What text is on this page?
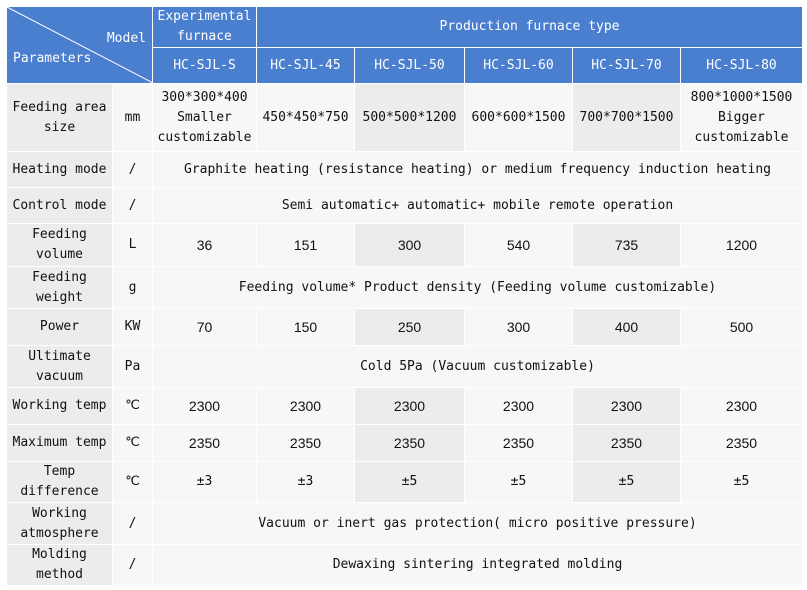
Model
Parameters		Experimental furnace	Production furnace type				
		HC-SJL-S	HC-SJL-45	HC-SJL-50	HC-SJL-60	HC-SJL-70	HC-SJL-80
Feeding area size	mm	300*300*400 Smaller customizable	450*450*750	500*500*1200	600*600*1500	700*700*1500	800*1000*1500 Bigger customizable
Heating mode	/	Graphite heating (resistance heating) or medium frequency induction heating					
Control mode	/	Semi automatic+ automatic+ mobile remote operation					
Feeding volume	L	36	151	300	540	735	1200
Feeding weight	g	Feeding volume* Product density (Feeding volume customizable)					
Power	KW	70	150	250	300	400	500
Ultimate vacuum	Pa	Cold 5Pa (Vacuum customizable)					
Working temp	℃	2300	2300	2300	2300	2300	2300
Maximum temp	℃	2350	2350	2350	2350	2350	2350
Temp difference	℃	±3	±3	±5	±5	±5	±5
Working atmosphere	/	Vacuum or inert gas protection( micro positive pressure)					
Molding method	/	Dewaxing sintering integrated molding					
